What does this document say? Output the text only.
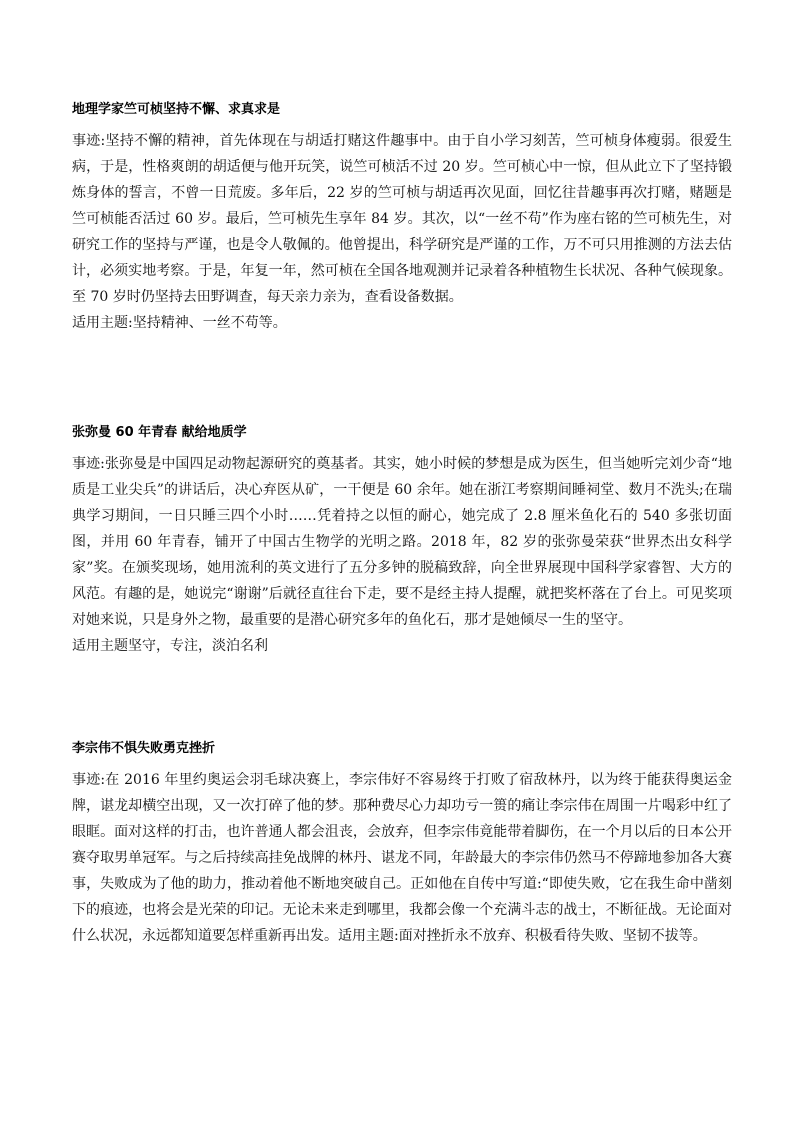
地理学家竺可桢坚持不懈、求真求是

事迹:坚持不懈的精神，首先体现在与胡适打赌这件趣事中。由于自小学习刻苦，竺可桢身体瘦弱。很爱生病，于是，性格爽朗的胡适便与他开玩笑，说竺可桢活不过 20 岁。竺可桢心中一惊，但从此立下了坚持锻炼身体的誓言，不曾一日荒废。多年后，22 岁的竺可桢与胡适再次见面，回忆往昔趣事再次打赌，赌题是竺可桢能否活过 60 岁。最后，竺可桢先生享年 84 岁。其次，以“一丝不苟”作为座右铭的竺可桢先生，对研究工作的坚持与严谨，也是令人敬佩的。他曾提出，科学研究是严谨的工作，万不可只用推测的方法去估计，必须实地考察。于是，年复一年，然可桢在全国各地观测并记录着各种植物生长状况、各种气候现象。至 70 岁时仍坚持去田野调查，每天亲力亲为，查看设备数据。

适用主题:坚持精神、一丝不苟等。

张弥曼 60 年青春 献给地质学

事迹:张弥曼是中国四足动物起源研究的奠基者。其实，她小时候的梦想是成为医生，但当她听完刘少奇“地质是工业尖兵”的讲话后，决心弃医从矿，一干便是 60 余年。她在浙江考察期间睡祠堂、数月不洗头;在瑞典学习期间，一日只睡三四个小时……凭着持之以恒的耐心，她完成了 2.8 厘米鱼化石的 540 多张切面图，并用 60 年青春，铺开了中国古生物学的光明之路。2018 年，82 岁的张弥曼荣获“世界杰出女科学家”奖。在颁奖现场，她用流利的英文进行了五分多钟的脱稿致辞，向全世界展现中国科学家睿智、大方的风范。有趣的是，她说完“谢谢”后就径直往台下走，要不是经主持人提醒，就把奖杯落在了台上。可见奖项对她来说，只是身外之物，最重要的是潜心研究多年的鱼化石，那才是她倾尽一生的坚守。

适用主题坚守，专注，淡泊名利

李宗伟不惧失败勇克挫折

事迹:在 2016 年里约奥运会羽毛球决赛上，李宗伟好不容易终于打败了宿敌林丹，以为终于能获得奥运金牌，谌龙却横空出现，又一次打碎了他的梦。那种费尽心力却功亏一篑的痛让李宗伟在周围一片喝彩中红了眼眶。面对这样的打击，也许普通人都会沮丧，会放弃，但李宗伟竟能带着脚伤，在一个月以后的日本公开赛夺取男单冠军。与之后持续高挂免战牌的林丹、谌龙不同，年龄最大的李宗伟仍然马不停蹄地参加各大赛事，失败成为了他的助力，推动着他不断地突破自己。正如他在自传中写道:“即使失败，它在我生命中凿刻下的痕迹，也将会是光荣的印记。无论未来走到哪里，我都会像一个充满斗志的战士，不断征战。无论面对什么状况，永远都知道要怎样重新再出发。适用主题:面对挫折永不放弃、积极看待失败、坚韧不拔等。
